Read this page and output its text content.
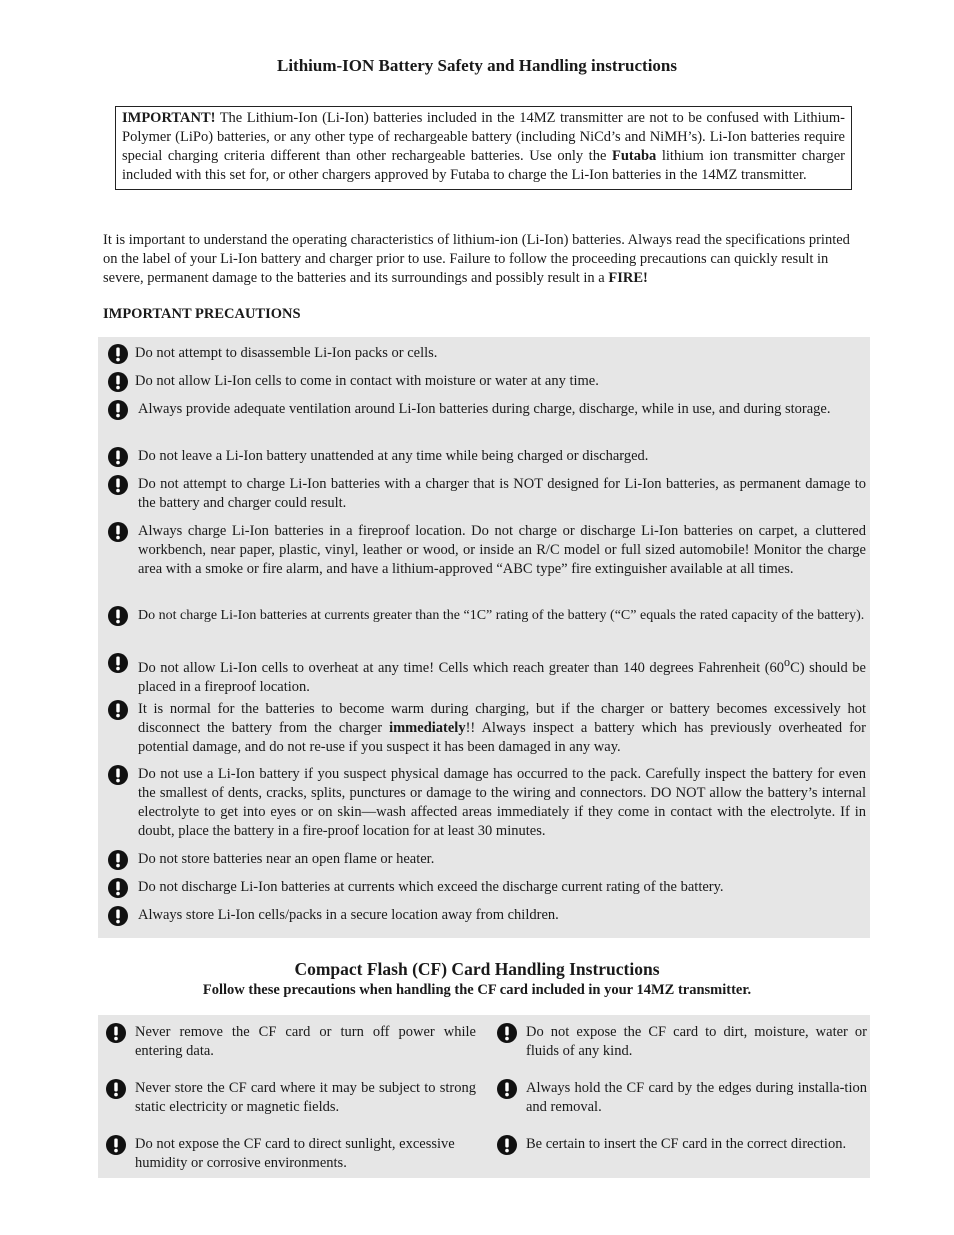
Lithium-ION Battery Safety and Handling instructions
IMPORTANT! The Lithium-Ion (Li-Ion) batteries included in the 14MZ transmitter are not to be confused with Lithium-Polymer (LiPo) batteries, or any other type of rechargeable battery (including NiCd’s and NiMH’s). Li-Ion batteries require special charging criteria different than other rechargeable batteries. Use only the Futaba lithium ion transmitter charger included with this set for, or other chargers approved by Futaba to charge the Li-Ion batteries in the 14MZ transmitter.
It is important to understand the operating characteristics of lithium-ion (Li-Ion) batteries. Always read the specifications printed on the label of your Li-Ion battery and charger prior to use. Failure to follow the proceeding precautions can quickly result in severe, permanent damage to the batteries and its surroundings and possibly result in a FIRE!
IMPORTANT PRECAUTIONS
Do not attempt to disassemble Li-Ion packs or cells.
Do not allow Li-Ion cells to come in contact with moisture or water at any time.
Always provide adequate ventilation around Li-Ion batteries during charge, discharge, while in use, and during storage.
Do not leave a Li-Ion battery unattended at any time while being charged or discharged.
Do not attempt to charge Li-Ion batteries with a charger that is NOT designed for Li-Ion batteries, as permanent damage to the battery and charger could result.
Always charge Li-Ion batteries in a fireproof location. Do not charge or discharge Li-Ion batteries on carpet, a cluttered workbench, near paper, plastic, vinyl, leather or wood, or inside an R/C model or full sized automobile! Monitor the charge area with a smoke or fire alarm, and have a lithium-approved “ABC type” fire extinguisher available at all times.
Do not charge Li-Ion batteries at currents greater than the “1C” rating of the battery (“C” equals the rated capacity of the battery).
Do not allow Li-Ion cells to overheat at any time! Cells which reach greater than 140 degrees Fahrenheit (60$^o$C) should be placed in a fireproof location.
It is normal for the batteries to become warm during charging, but if the charger or battery becomes excessively hot disconnect the battery from the charger immediately!! Always inspect a battery which has previously overheated for potential damage, and do not re-use if you suspect it has been damaged in any way.
Do not use a Li-Ion battery if you suspect physical damage has occurred to the pack. Carefully inspect the battery for even the smallest of dents, cracks, splits, punctures or damage to the wiring and connectors. DO NOT allow the battery’s internal electrolyte to get into eyes or on skin—wash affected areas immediately if they come in contact with the electrolyte. If in doubt, place the battery in a fire-proof location for at least 30 minutes.
Do not store batteries near an open flame or heater.
Do not discharge Li-Ion batteries at currents which exceed the discharge current rating of the battery.
Always store Li-Ion cells/packs in a secure location away from children.
Compact Flash (CF) Card Handling Instructions
Follow these precautions when handling the CF card included in your 14MZ transmitter.
Never remove the CF card or turn off power while entering data.
Do not expose the CF card to dirt, moisture, water or fluids of any kind.
Never store the CF card where it may be subject to strong static electricity or magnetic fields.
Always hold the CF card by the edges during installa-tion and removal.
Do not expose the CF card to direct sunlight, excessive humidity or corrosive environments.
Be certain to insert the CF card in the correct direction.
